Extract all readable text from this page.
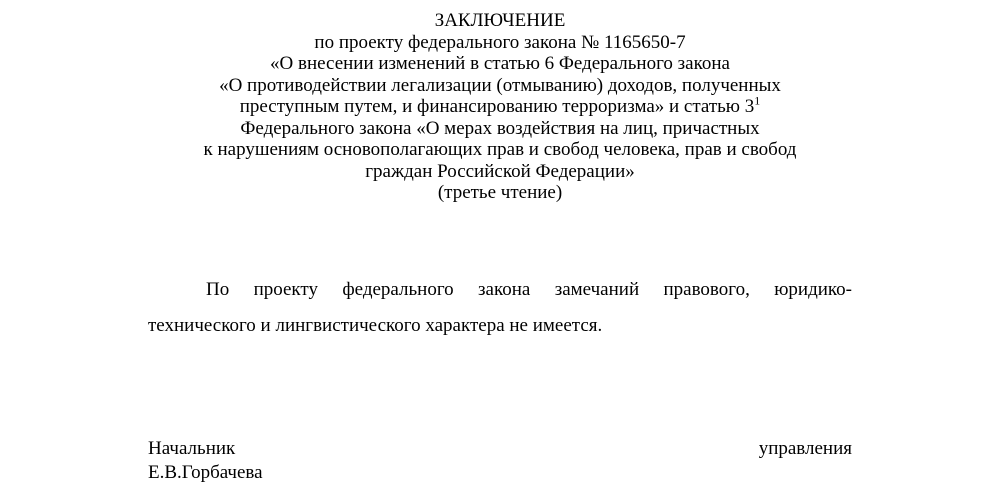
ЗАКЛЮЧЕНИЕ
по проекту федерального закона № 1165650-7
«О внесении изменений в статью 6 Федерального закона
«О противодействии легализации (отмыванию) доходов, полученных
преступным путем, и финансированию терроризма» и статью $3^1$
Федерального закона «О мерах воздействия на лиц, причастных
к нарушениям основополагающих прав и свобод человека, прав и свобод
граждан Российской Федерации»
(третье чтение)
По проекту федерального закона замечаний правового, юридико-
технического и лингвистического характера не имеется.
Начальник	управления
Е.В.Горбачева
